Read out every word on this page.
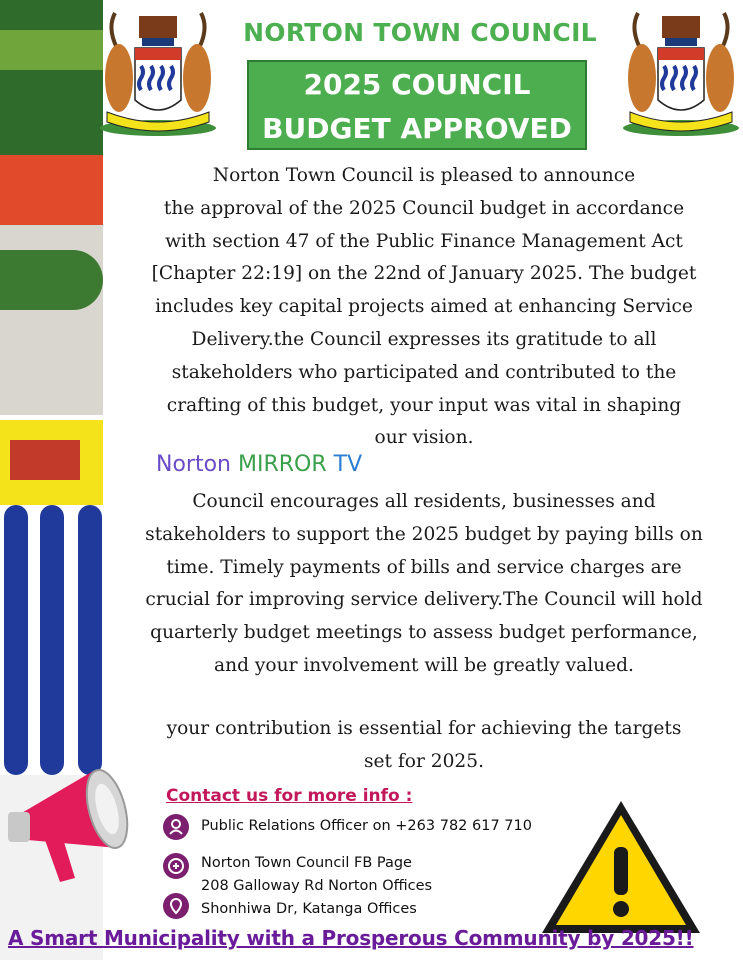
NORTON TOWN COUNCIL
2025 COUNCIL
BUDGET APPROVED
Norton Town Council is pleased to announce
the approval of the 2025 Council budget in accordance
with section 47 of the Public Finance Management Act
[Chapter 22:19] on the 22nd of January 2025. The budget
includes key capital projects aimed at enhancing Service
Delivery.the Council expresses its gratitude to all
stakeholders who participated and contributed to the
crafting of this budget, your input was vital in shaping
our vision.
Norton MIRROR TV
Council encourages all residents, businesses and
stakeholders to support the 2025 budget by paying bills on
time. Timely payments of bills and service charges are
crucial for improving service delivery.The Council will hold
quarterly budget meetings to assess budget performance,
and your involvement will be greatly valued.
your contribution is essential for achieving the targets
set for 2025.
Contact us for more info :
Public Relations Officer on +263 782 617 710
Norton Town Council FB Page
208 Galloway Rd Norton Offices
Shonhiwa Dr, Katanga Offices
A Smart Municipality with a Prosperous Community by 2025!!
